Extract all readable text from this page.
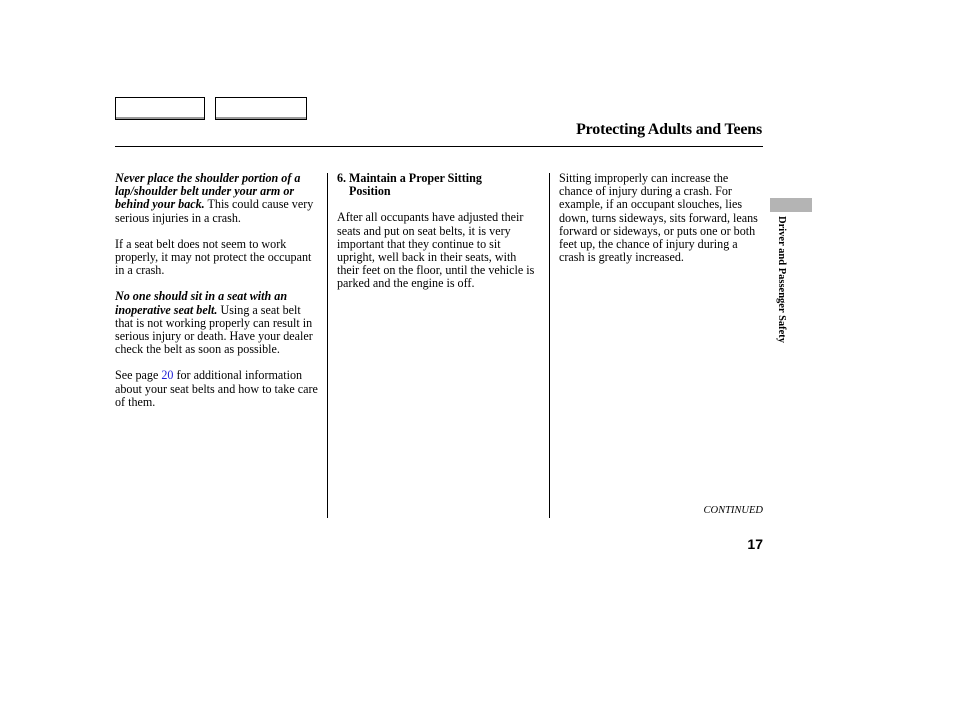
Protecting Adults and Teens

Never place the shoulder portion of a lap/shoulder belt under your arm or behind your back. This could cause very serious injuries in a crash.

If a seat belt does not seem to work properly, it may not protect the occupant in a crash.

No one should sit in a seat with an inoperative seat belt. Using a seat belt that is not working properly can result in serious injury or death. Have your dealer check the belt as soon as possible.

See page 20 for additional information about your seat belts and how to take care of them.

6. Maintain a Proper Sitting
Position

After all occupants have adjusted their seats and put on seat belts, it is very important that they continue to sit upright, well back in their seats, with their feet on the floor, until the vehicle is parked and the engine is off.

Sitting improperly can increase the chance of injury during a crash. For example, if an occupant slouches, lies down, turns sideways, sits forward, leans forward or sideways, or puts one or both feet up, the chance of injury during a crash is greatly increased.	Driver and Passenger Safety
CONTINUED
17
